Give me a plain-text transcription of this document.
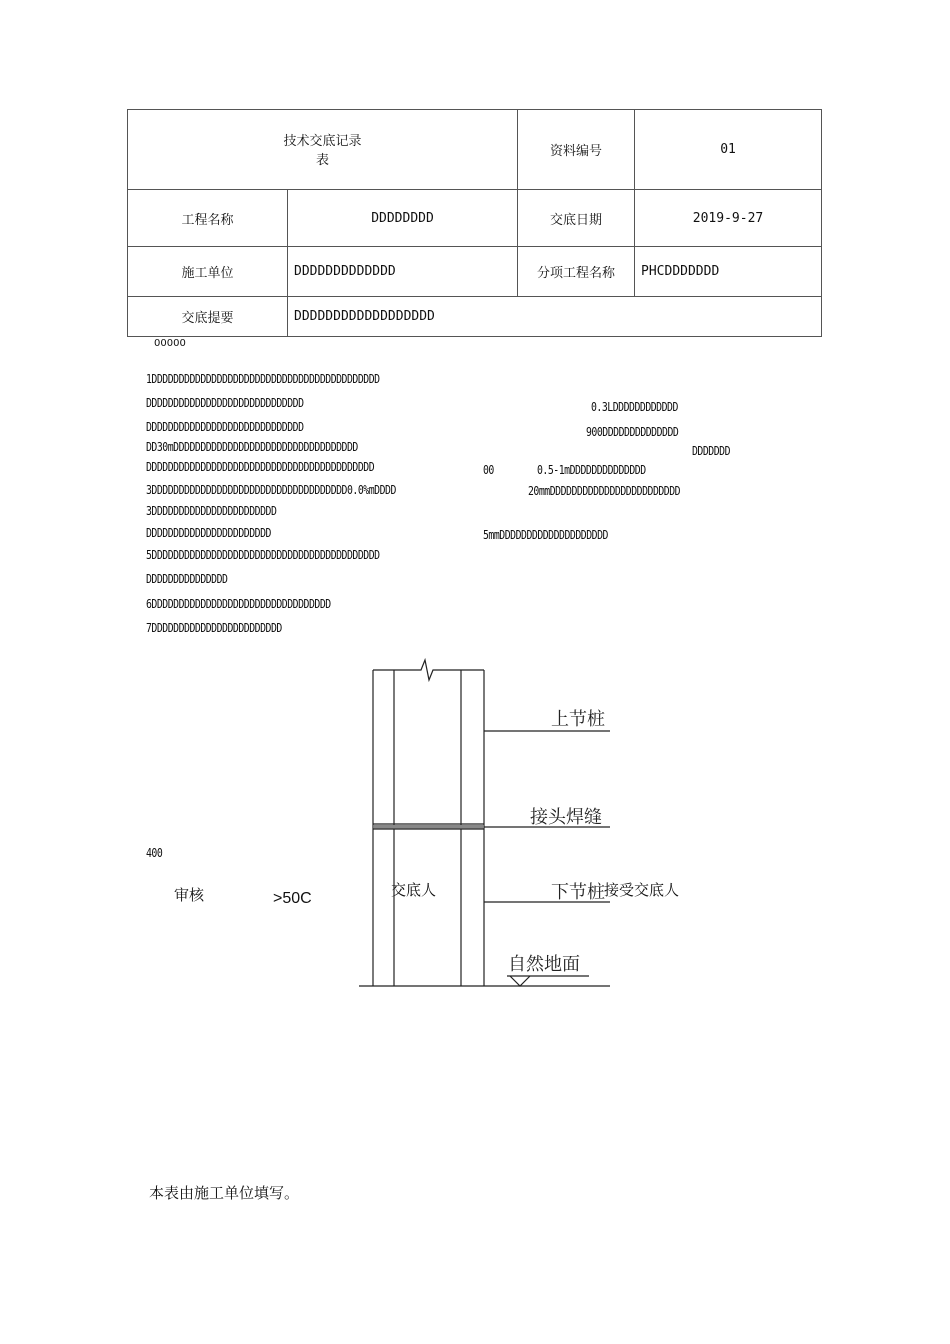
技术交底记录
表		资料编号	01
工程名称	DDDDDDDD	交底日期	2019-9-27
施工单位	DDDDDDDDDDDDD	分项工程名称	PHCDDDDDDD
交底提要	DDDDDDDDDDDDDDDDDD		
00000
1DDDDDDDDDDDDDDDDDDDDDDDDDDDDDDDDDDDDDDDDDD
DDDDDDDDDDDDDDDDDDDDDDDDDDDDD
DDDDDDDDDDDDDDDDDDDDDDDDDDDDD
DD30mDDDDDDDDDDDDDDDDDDDDDDDDDDDDDDDDDD
DDDDDDDDDDDDDDDDDDDDDDDDDDDDDDDDDDDDDDDDDD
3DDDDDDDDDDDDDDDDDDDDDDDDDDDDDDDDDDDD0.0%mDDDD
3DDDDDDDDDDDDDDDDDDDDDDD
DDDDDDDDDDDDDDDDDDDDDDD
5DDDDDDDDDDDDDDDDDDDDDDDDDDDDDDDDDDDDDDDDDD
DDDDDDDDDDDDDDD
6DDDDDDDDDDDDDDDDDDDDDDDDDDDDDDDDD
7DDDDDDDDDDDDDDDDDDDDDDDD
0.3LDDDDDDDDDDDD
900DDDDDDDDDDDDDD
DDDDDDD
00	0.5-1mDDDDDDDDDDDDDD
20mmDDDDDDDDDDDDDDDDDDDDDDDD
5mmDDDDDDDDDDDDDDDDDDDD
400
审核	>50C
上节桩
接头焊缝
下节桩
自然地面
交底人	接受交底人
本表由施工单位填写。
